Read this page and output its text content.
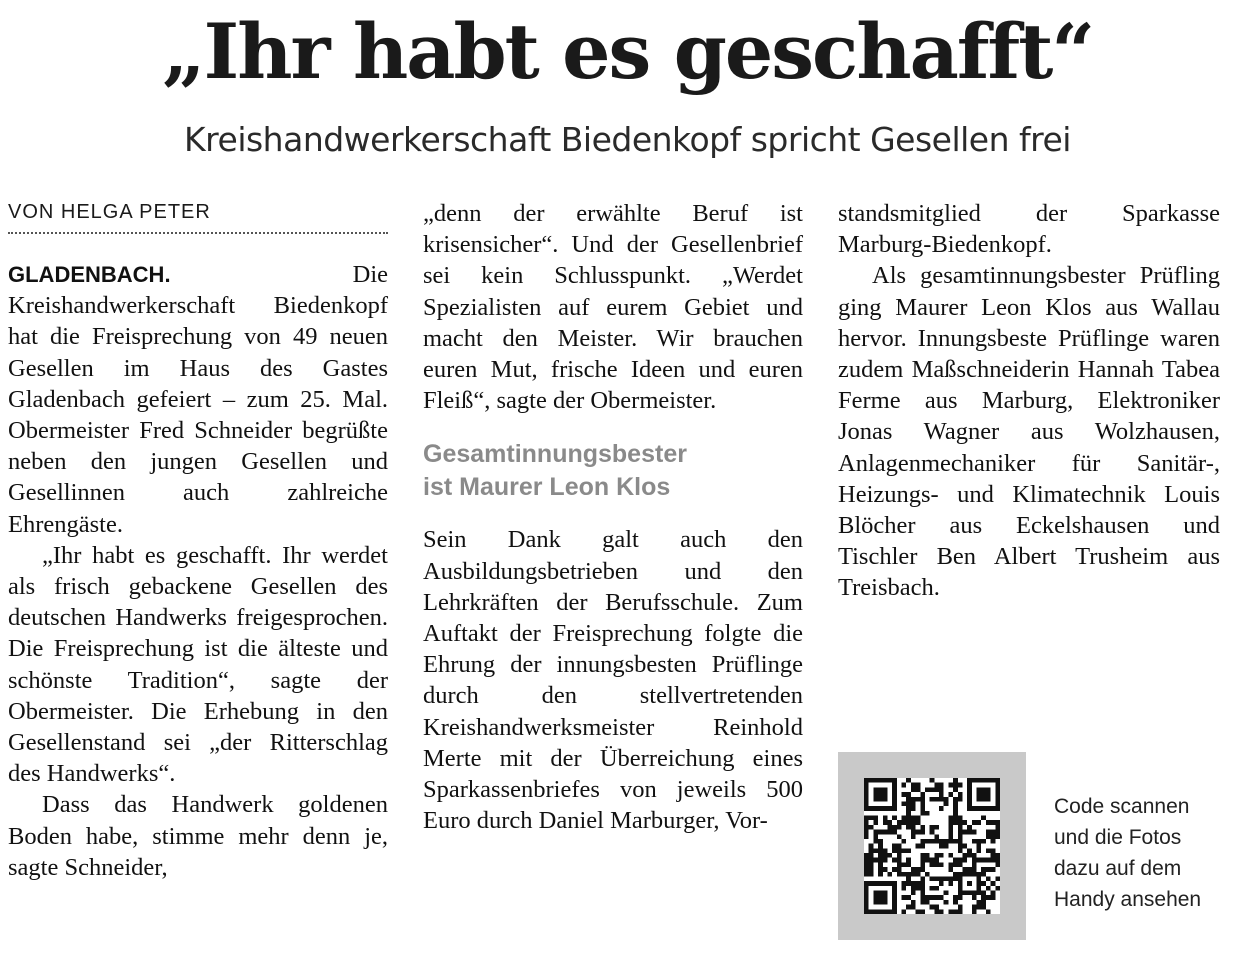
„Ihr habt es geschafft“
Kreishandwerkerschaft Biedenkopf spricht Gesellen frei
VON HELGA PETER

GLADENBACH.	Die Kreishandwerkerschaft Biedenkopf hat die Freisprechung von 49 neuen Gesellen im Haus des Gastes Gladenbach gefeiert – zum 25. Mal. Obermeister Fred Schneider begrüßte neben den jungen Gesellen und Gesellinnen auch zahlreiche Ehrengäste.

„Ihr habt es geschafft. Ihr werdet als frisch gebackene Gesellen des deutschen Handwerks freigesprochen. Die Freisprechung ist die älteste und schönste Tradition“, sagte der Obermeister. Die Erhebung in den Gesellenstand sei „der Ritterschlag des Handwerks“.

Dass das Handwerk goldenen Boden habe, stimme mehr denn je, sagte Schneider,

„denn der erwählte Beruf ist krisensicher“. Und der Gesellenbrief sei kein Schlusspunkt. „Werdet Spezialisten auf eurem Gebiet und macht den Meister. Wir brauchen euren Mut, frische Ideen und euren Fleiß“, sagte der Obermeister.

Gesamtinnungsbester
ist Maurer Leon Klos

Sein Dank galt auch den Ausbildungsbetrieben und den Lehrkräften der Berufsschule. Zum Auftakt der Freisprechung folgte die Ehrung der innungsbesten Prüflinge durch den stellvertretenden Kreishandwerksmeister Reinhold Merte mit der Überreichung eines Sparkassenbriefes von jeweils 500 Euro durch Daniel Marburger, Vor-

standsmitglied der Sparkasse Marburg-Biedenkopf.

Als gesamtinnungsbester Prüfling ging Maurer Leon Klos aus Wallau hervor. Innungsbeste Prüflinge waren zudem Maßschneiderin Hannah Tabea Ferme aus Marburg, Elektroniker Jonas Wagner aus Wolzhausen, Anlagenmechaniker für Sanitär-, Heizungs- und Klimatechnik Louis Blöcher aus Eckelshausen und Tischler Ben Albert Trusheim aus Treisbach.

Code scannen
und die Fotos
dazu auf dem
Handy ansehen
